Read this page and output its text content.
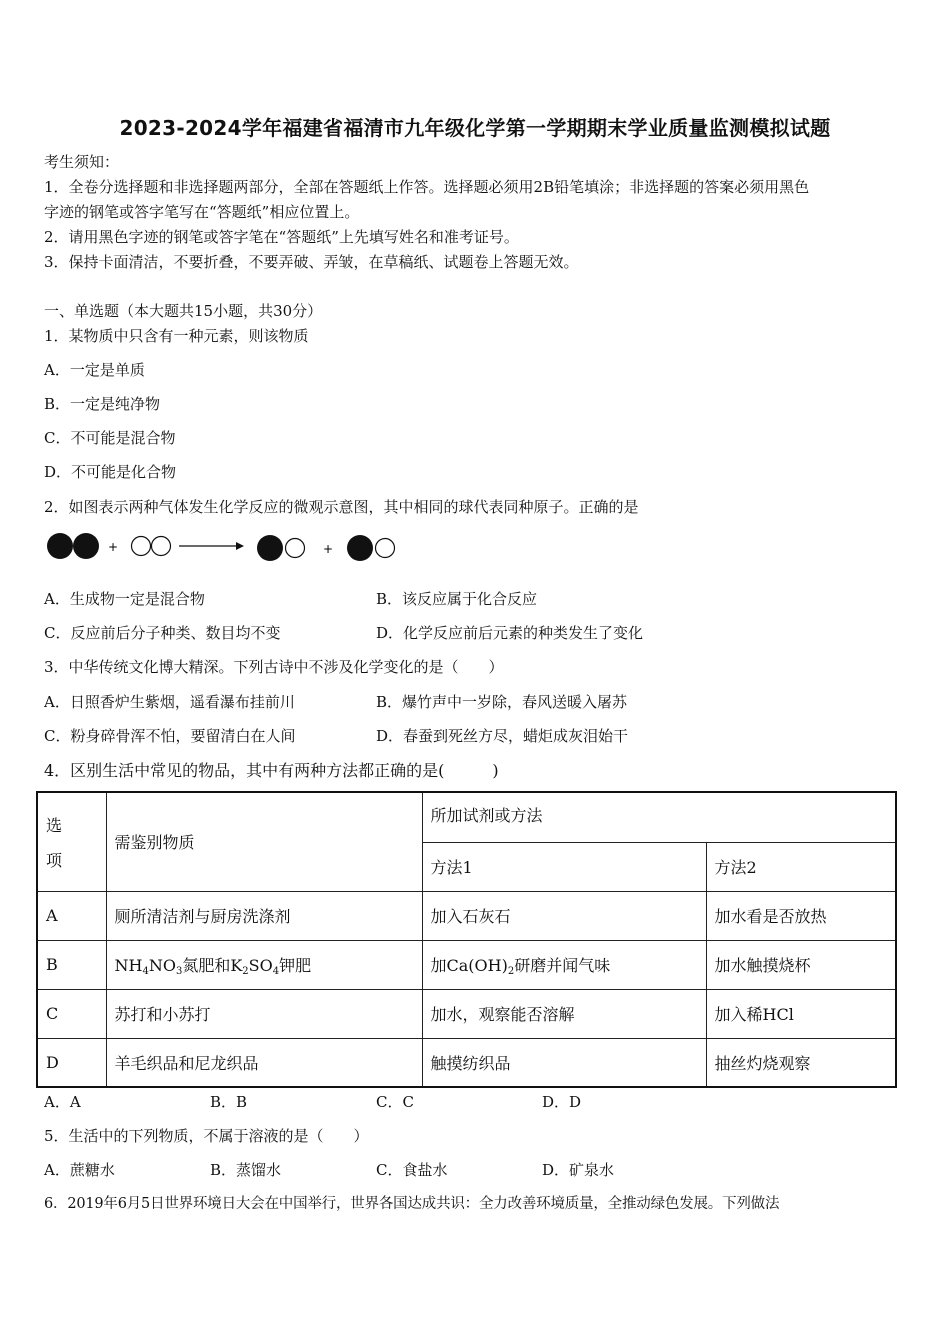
2023-2024学年福建省福清市九年级化学第一学期期末学业质量监测模拟试题
考生须知：
1．全卷分选择题和非选择题两部分，全部在答题纸上作答。选择题必须用2B铅笔填涂；非选择题的答案必须用黑色
字迹的钢笔或答字笔写在“答题纸”相应位置上。
2．请用黑色字迹的钢笔或答字笔在“答题纸”上先填写姓名和准考证号。
3．保持卡面清洁，不要折叠，不要弄破、弄皱，在草稿纸、试题卷上答题无效。
一、单选题（本大题共15小题，共30分）
1．某物质中只含有一种元素，则该物质
A．一定是单质
B．一定是纯净物
C．不可能是混合物
D．不可能是化合物
2．如图表示两种气体发生化学反应的微观示意图，其中相同的球代表同种原子。正确的是
+	+
A．生成物一定是混合物	B．该反应属于化合反应
C．反应前后分子种类、数目均不变	D．化学反应前后元素的种类发生了变化
3．中华传统文化博大精深。下列古诗中不涉及化学变化的是（　　）
A．日照香炉生紫烟，遥看瀑布挂前川	B．爆竹声中一岁除，春风送暖入屠苏
C．粉身碎骨浑不怕，要留清白在人间	D．春蚕到死丝方尽，蜡炬成灰泪始干
4．区别生活中常见的物品，其中有两种方法都正确的是(　　　)
选
项	需鉴别物质	所加试剂或方法	
		方法1	方法2
A	厕所清洁剂与厨房洗涤剂	加入石灰石	加水看是否放热
B	$NH_4NO_3$氮肥和$K_2SO_4$钾肥	加$Ca(OH)_2$研磨并闻气味	加水触摸烧杯
C	苏打和小苏打	加水，观察能否溶解	加入稀HCl
D	羊毛织品和尼龙织品	触摸纺织品	抽丝灼烧观察
A．A	B．B	C．C	D．D
5．生活中的下列物质，不属于溶液的是（　　）
A．蔗糖水	B．蒸馏水	C．食盐水	D．矿泉水
6．2019年6月5日世界环境日大会在中国举行，世界各国达成共识：全力改善环境质量，全推动绿色发展。下列做法
